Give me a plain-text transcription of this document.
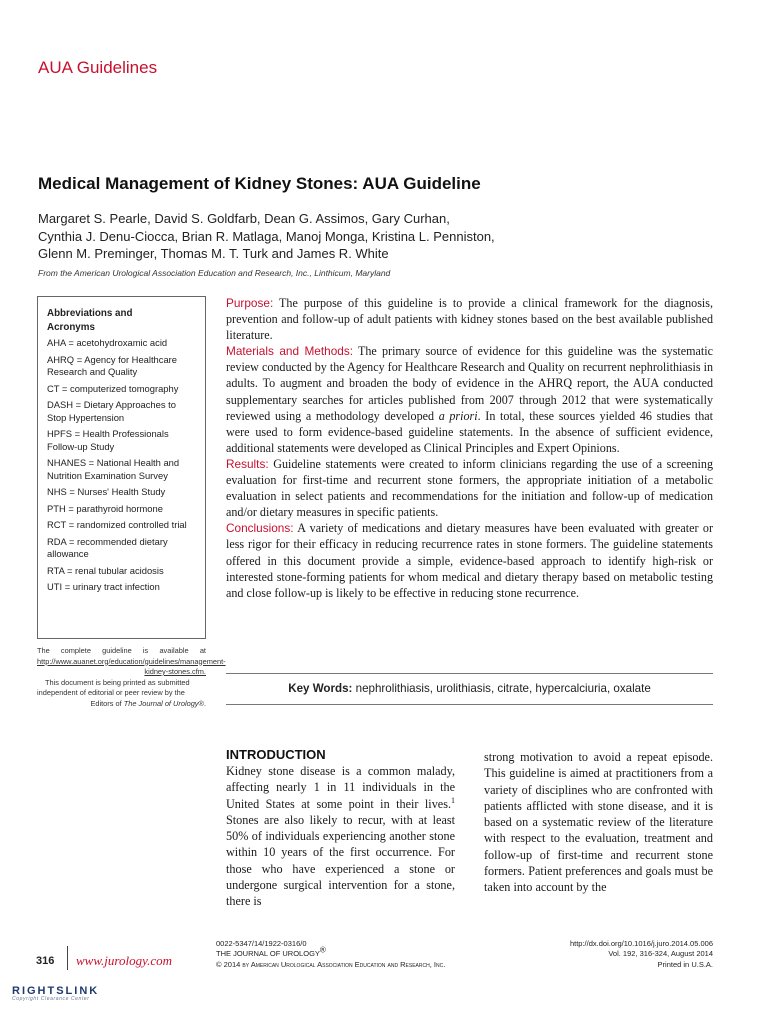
AUA Guidelines
Medical Management of Kidney Stones: AUA Guideline
Margaret S. Pearle, David S. Goldfarb, Dean G. Assimos, Gary Curhan,
Cynthia J. Denu-Ciocca, Brian R. Matlaga, Manoj Monga, Kristina L. Penniston,
Glenn M. Preminger, Thomas M. T. Turk and James R. White
From the American Urological Association Education and Research, Inc., Linthicum, Maryland
Abbreviations and Acronyms
AHA = acetohydroxamic acid
AHRQ = Agency for Healthcare Research and Quality
CT = computerized tomography
DASH = Dietary Approaches to Stop Hypertension
HPFS = Health Professionals Follow-up Study
NHANES = National Health and Nutrition Examination Survey
NHS = Nurses' Health Study
PTH = parathyroid hormone
RCT = randomized controlled trial
RDA = recommended dietary allowance
RTA = renal tubular acidosis
UTI = urinary tract infection

The complete guideline is available at http://www.auanet.org/education/guidelines/management-kidney-stones.cfm.

This document is being printed as submitted independent of editorial or peer review by the Editors of The Journal of Urology®.

Purpose: The purpose of this guideline is to provide a clinical framework for the diagnosis, prevention and follow-up of adult patients with kidney stones based on the best available published literature.

Materials and Methods: The primary source of evidence for this guideline was the systematic review conducted by the Agency for Healthcare Research and Quality on recurrent nephrolithiasis in adults. To augment and broaden the body of evidence in the AHRQ report, the AUA conducted supplementary searches for articles published from 2007 through 2012 that were systematically reviewed using a methodology developed a priori. In total, these sources yielded 46 studies that were used to form evidence-based guideline statements. In the absence of sufficient evidence, additional statements were developed as Clinical Principles and Expert Opinions.

Results: Guideline statements were created to inform clinicians regarding the use of a screening evaluation for first-time and recurrent stone formers, the appropriate initiation of a metabolic evaluation in select patients and recommendations for the initiation and follow-up of medication and/or dietary measures in specific patients.

Conclusions: A variety of medications and dietary measures have been evaluated with greater or less rigor for their efficacy in reducing recurrence rates in stone formers. The guideline statements offered in this document provide a simple, evidence-based approach to identify high-risk or interested stone-forming patients for whom medical and dietary therapy based on metabolic testing and close follow-up is likely to be effective in reducing stone recurrence.

Key Words: nephrolithiasis, urolithiasis, citrate, hypercalciuria, oxalate
INTRODUCTION
Kidney stone disease is a common malady, affecting nearly 1 in 11 individuals in the United States at some point in their lives.$^1$ Stones are also likely to recur, with at least 50% of individuals experiencing another stone within 10 years of the first occurrence. For those who have experienced a stone or undergone surgical intervention for a stone, there is
strong motivation to avoid a repeat episode. This guideline is aimed at practitioners from a variety of disciplines who are confronted with patients afflicted with stone disease, and it is based on a systematic review of the literature with respect to the evaluation, treatment and follow-up of first-time and recurrent stone formers. Patient preferences and goals must be taken into account by the
0022-5347/14/1922-0316/0
THE JOURNAL OF UROLOGY®
© 2014 by American Urological Association Education and Research, Inc.
http://dx.doi.org/10.1016/j.juro.2014.05.006
Vol. 192, 316-324, August 2014
Printed in U.S.A.
316 www.jurology.com
RIGHTSLINK
Copyright Clearance Center
